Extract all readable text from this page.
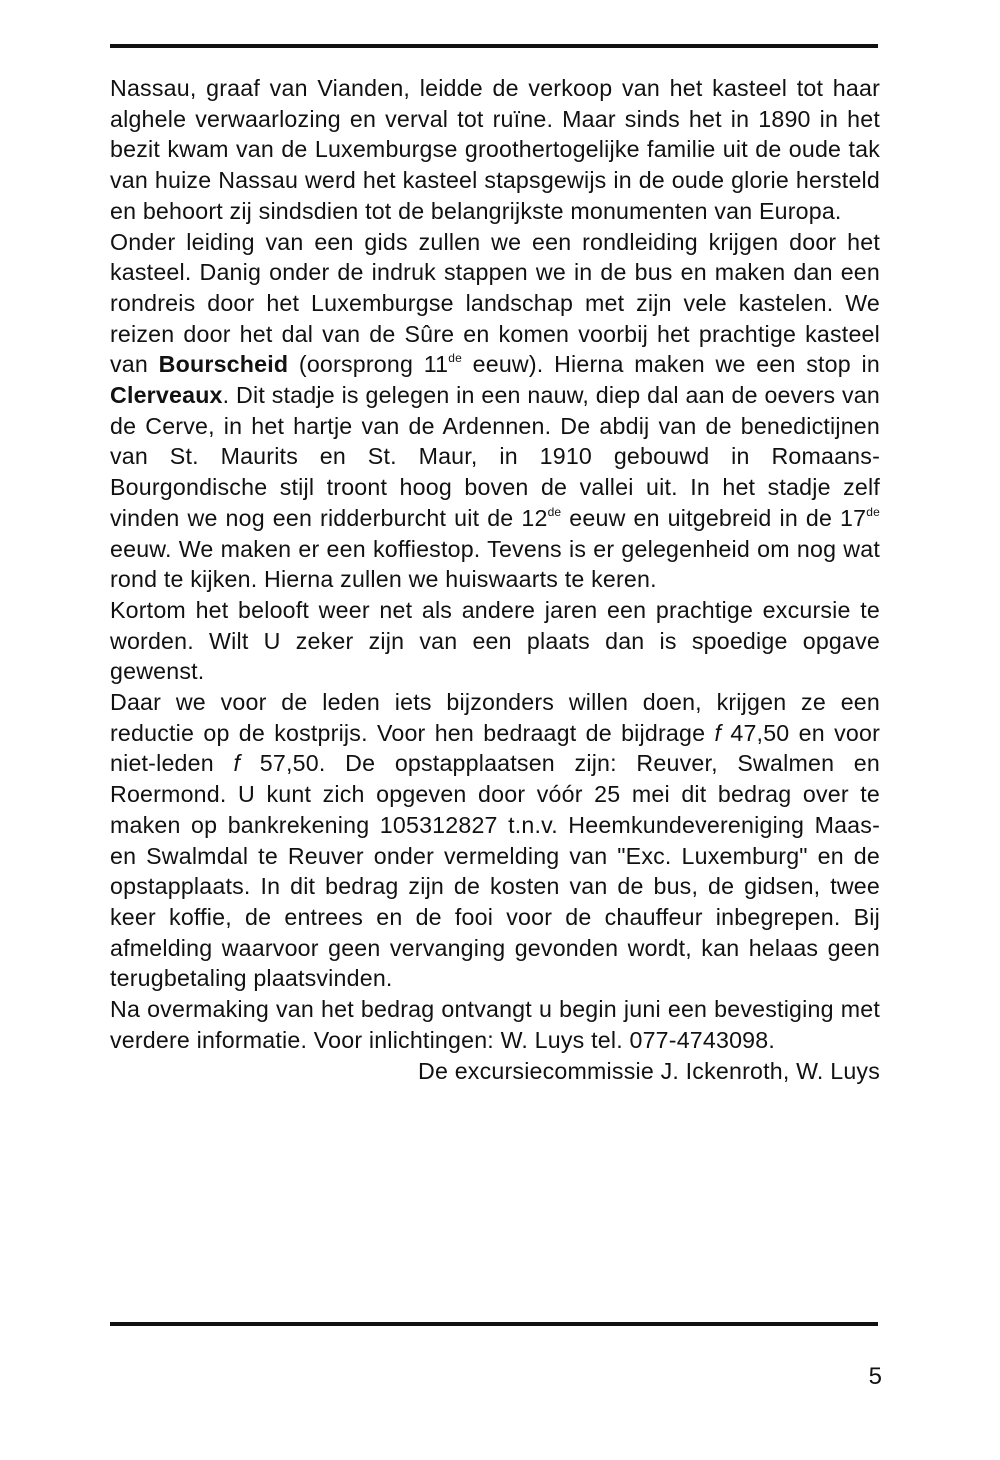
Nassau, graaf van Vianden, leidde de verkoop van het kasteel tot haar alghele verwaarlozing en verval tot ruïne. Maar sinds het in 1890 in het bezit kwam van de Luxemburgse groothertogelijke familie uit de oude tak van huize Nassau werd het kasteel stapsgewijs in de oude glorie hersteld en behoort zij sindsdien tot de belangrijkste monumenten van Europa.

Onder leiding van een gids zullen we een rondleiding krijgen door het kasteel. Danig onder de indruk stappen we in de bus en maken dan een rondreis door het Luxemburgse landschap met zijn vele kastelen. We reizen door het dal van de Sûre en komen voorbij het prachtige kasteel van Bourscheid (oorsprong 11de eeuw). Hierna maken we een stop in Clerveaux. Dit stadje is gelegen in een nauw, diep dal aan de oevers van de Cerve, in het hartje van de Ardennen. De abdij van de benedictijnen van St. Maurits en St. Maur, in 1910 gebouwd in Romaans-Bourgondische stijl troont hoog boven de vallei uit. In het stadje zelf vinden we nog een ridderburcht uit de 12de eeuw en uitgebreid in de 17de eeuw. We maken er een koffiestop. Tevens is er gelegenheid om nog wat rond te kijken. Hierna zullen we huiswaarts te keren.

Kortom het belooft weer net als andere jaren een prachtige excursie te worden. Wilt U zeker zijn van een plaats dan is spoedige opgave gewenst.

Daar we voor de leden iets bijzonders willen doen, krijgen ze een reductie op de kostprijs. Voor hen bedraagt de bijdrage f 47,50 en voor niet-leden f 57,50. De opstapplaatsen zijn: Reuver, Swalmen en Roermond. U kunt zich opgeven door vóór 25 mei dit bedrag over te maken op bankrekening 105312827 t.n.v. Heemkundevereniging Maas- en Swalmdal te Reuver onder vermelding van "Exc. Luxemburg" en de opstapplaats. In dit bedrag zijn de kosten van de bus, de gidsen, twee keer koffie, de entrees en de fooi voor de chauffeur inbegrepen. Bij afmelding waarvoor geen vervanging gevonden wordt, kan helaas geen terugbetaling plaatsvinden.

Na overmaking van het bedrag ontvangt u begin juni een bevestiging met verdere informatie. Voor inlichtingen: W. Luys tel. 077-4743098.

De excursiecommissie J. Ickenroth, W. Luys

5
